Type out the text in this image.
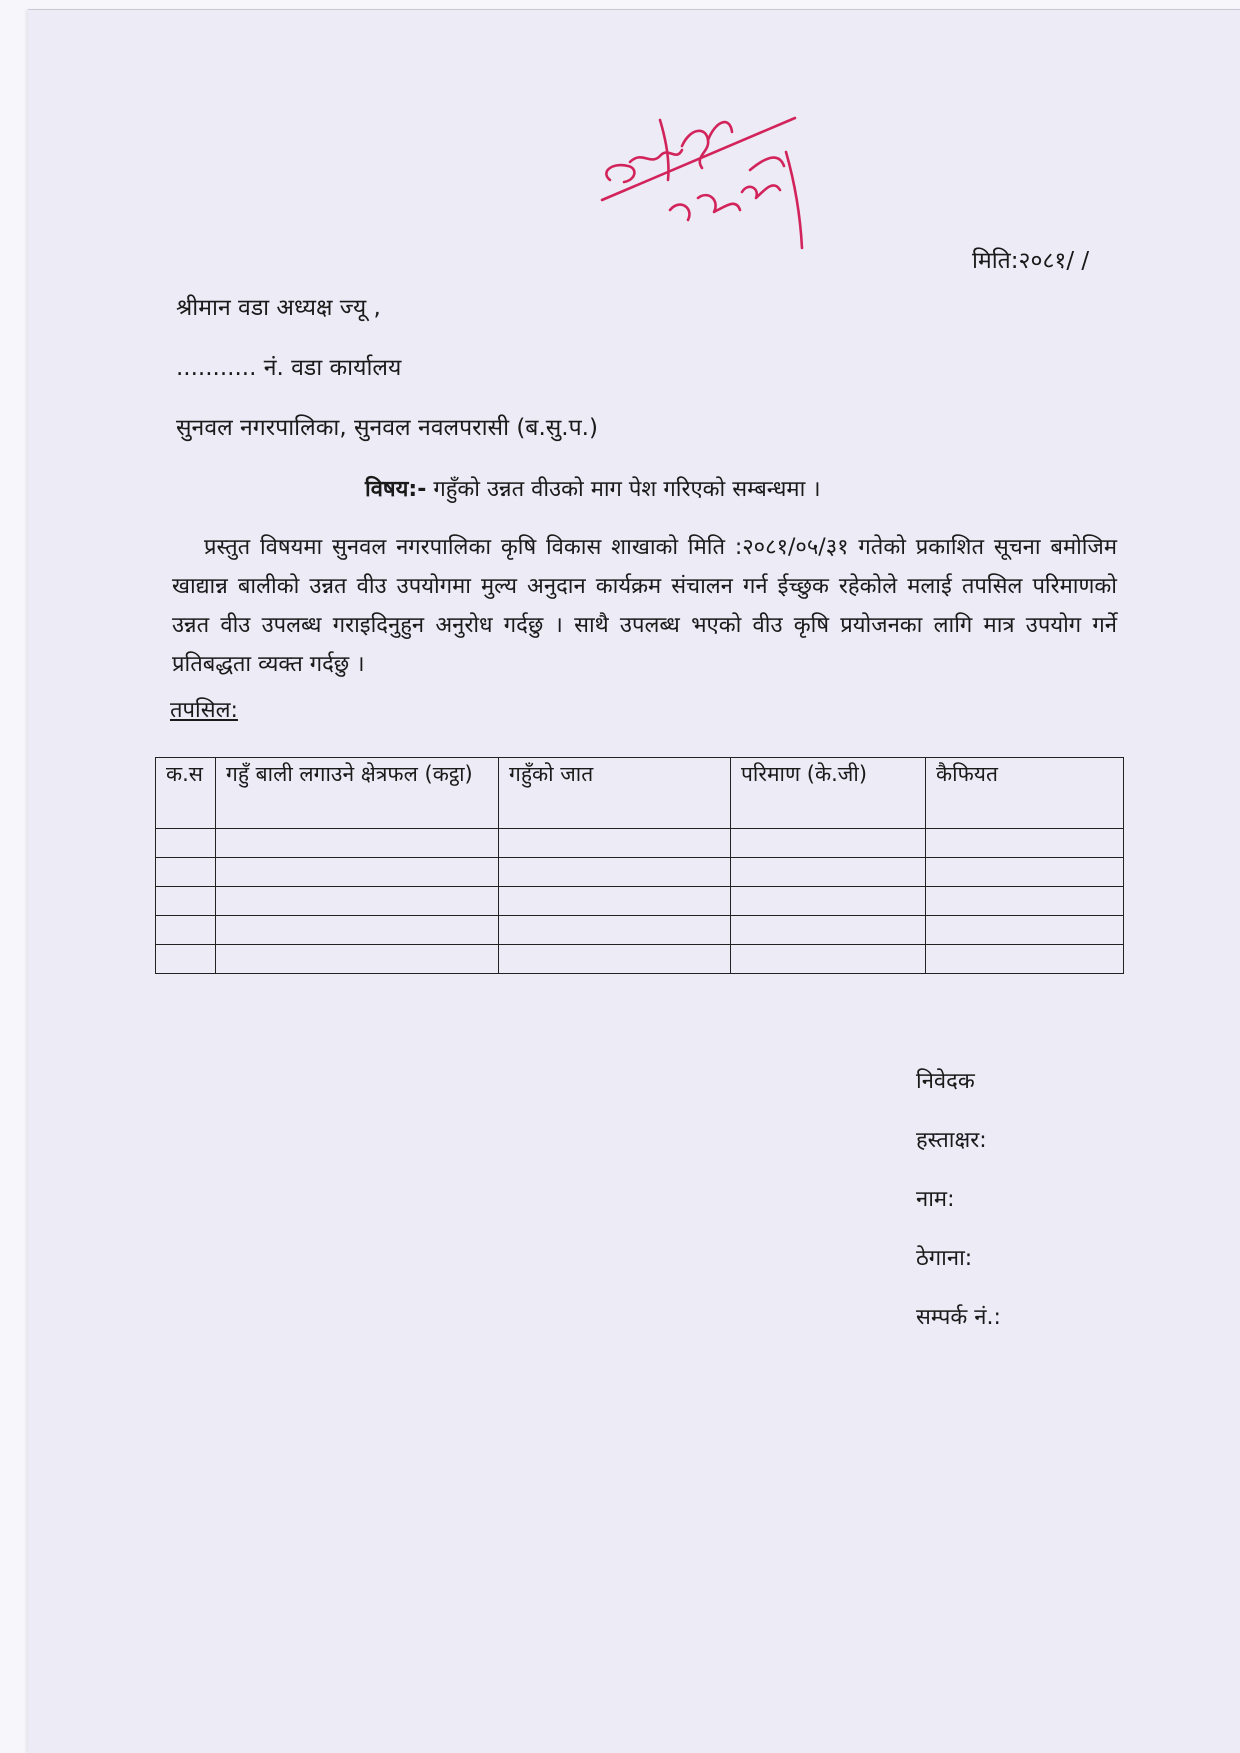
दर्ता ५१३
मिति:२०८१/ /
श्रीमान वडा अध्यक्ष ज्यू ,
........... नं. वडा कार्यालय
सुनवल नगरपालिका, सुनवल नवलपरासी (ब.सु.प.)
विषय:- गहुँको उन्नत वीउको माग पेश गरिएको सम्बन्धमा ।
प्रस्तुत विषयमा सुनवल नगरपालिका कृषि विकास शाखाको मिति :२०८१/०५/३१ गतेको प्रकाशित सूचना बमोजिम खाद्यान्न बालीको उन्नत वीउ उपयोगमा मुल्य अनुदान कार्यक्रम संचालन गर्न ईच्छुक रहेकोले मलाई तपसिल परिमाणको उन्नत वीउ उपलब्ध गराइदिनुहुन अनुरोध गर्दछु । साथै उपलब्ध भएको वीउ कृषि प्रयोजनका लागि मात्र उपयोग गर्ने प्रतिबद्धता व्यक्त गर्दछु ।
तपसिल:
क.स	गहुँ बाली लगाउने क्षेत्रफल (कट्ठा)	गहुँको जात	परिमाण (के.जी)	कैफियत

निवेदक
हस्ताक्षर:
नाम:
ठेगाना:
सम्पर्क नं.:
